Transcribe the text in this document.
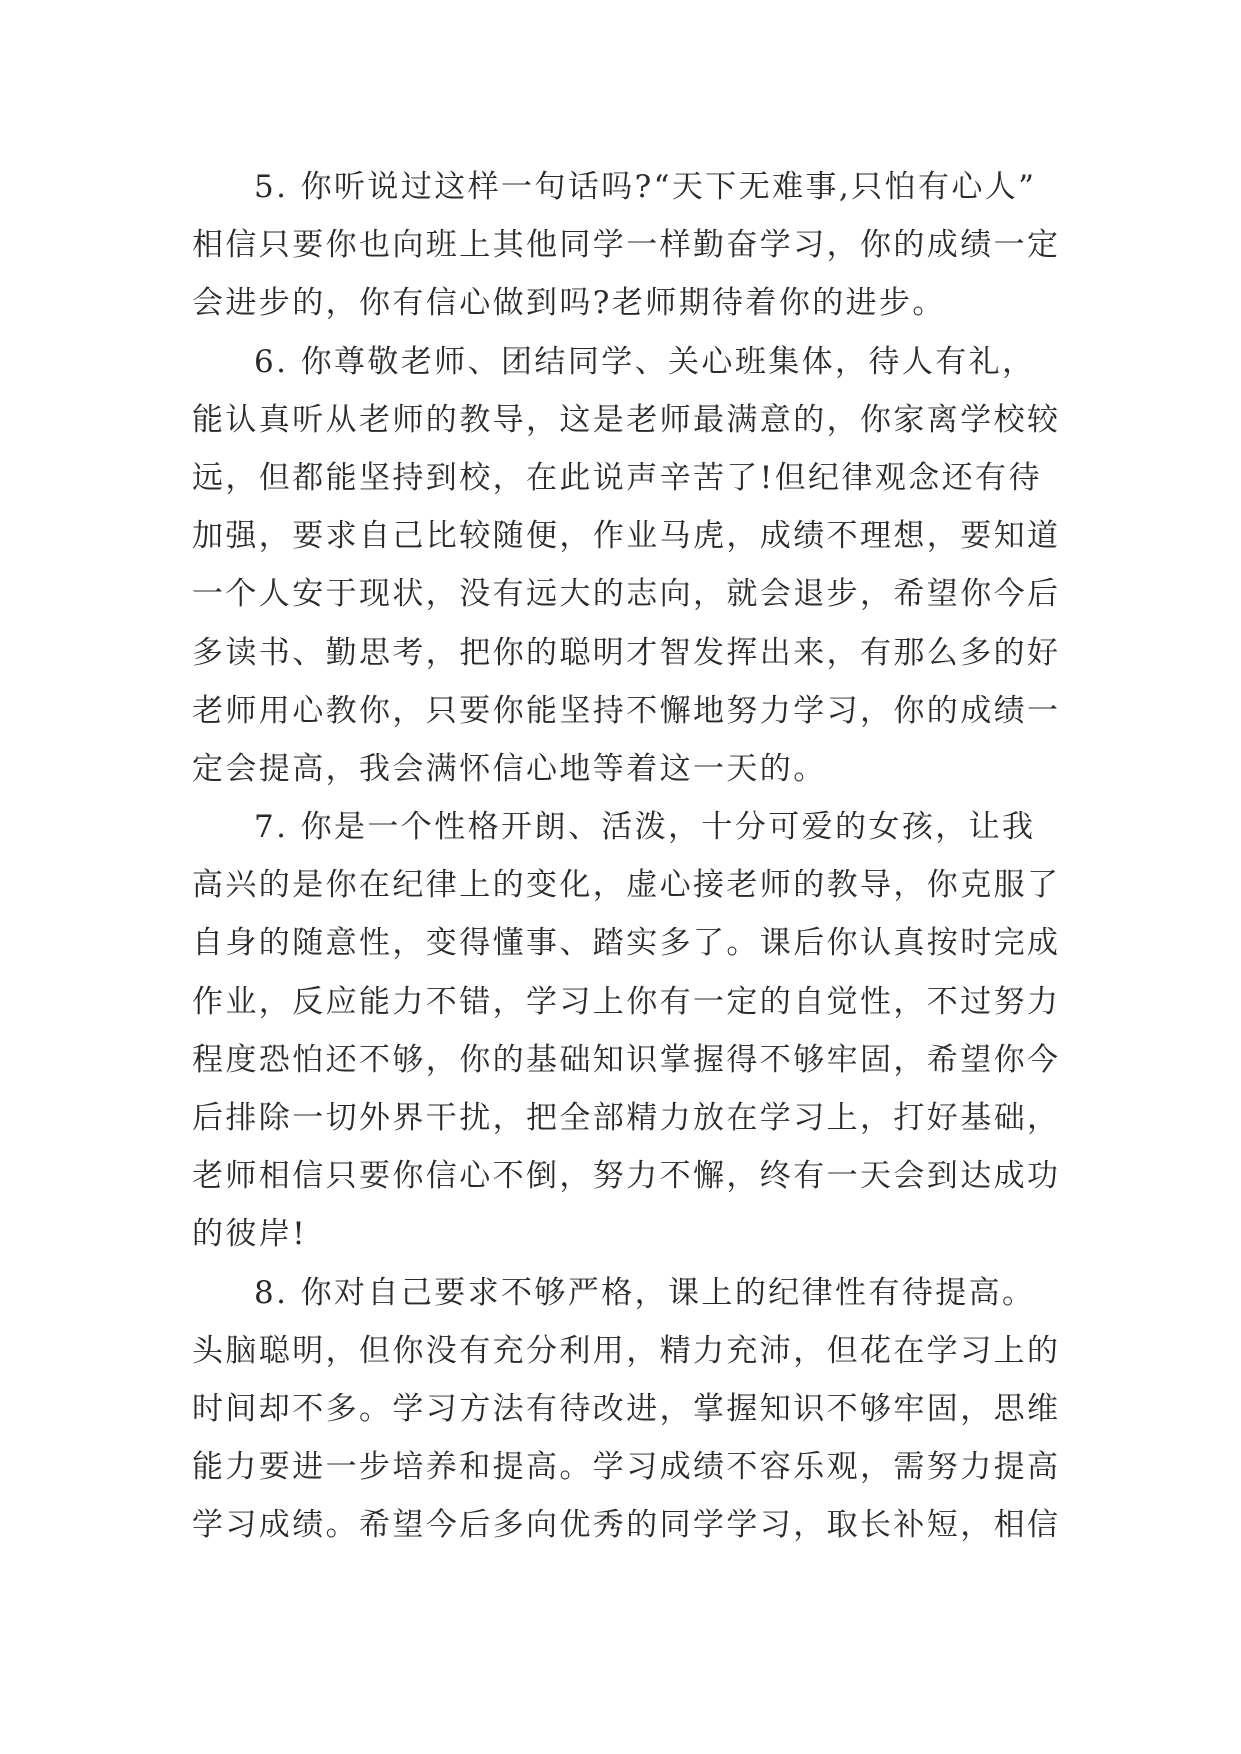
5. 你听说过这样一句话吗?“天下无难事,只怕有心人”
相信只要你也向班上其他同学一样勤奋学习，你的成绩一定
会进步的，你有信心做到吗?老师期待着你的进步。
6. 你尊敬老师、团结同学、关心班集体，待人有礼，
能认真听从老师的教导，这是老师最满意的，你家离学校较
远，但都能坚持到校，在此说声辛苦了!但纪律观念还有待
加强，要求自己比较随便，作业马虎，成绩不理想，要知道
一个人安于现状，没有远大的志向，就会退步，希望你今后
多读书、勤思考，把你的聪明才智发挥出来，有那么多的好
老师用心教你，只要你能坚持不懈地努力学习，你的成绩一
定会提高，我会满怀信心地等着这一天的。
7. 你是一个性格开朗、活泼，十分可爱的女孩，让我
高兴的是你在纪律上的变化，虚心接老师的教导，你克服了
自身的随意性，变得懂事、踏实多了。课后你认真按时完成
作业，反应能力不错，学习上你有一定的自觉性，不过努力
程度恐怕还不够，你的基础知识掌握得不够牢固，希望你今
后排除一切外界干扰，把全部精力放在学习上，打好基础，
老师相信只要你信心不倒，努力不懈，终有一天会到达成功
的彼岸!
8. 你对自己要求不够严格，课上的纪律性有待提高。
头脑聪明，但你没有充分利用，精力充沛，但花在学习上的
时间却不多。学习方法有待改进，掌握知识不够牢固，思维
能力要进一步培养和提高。学习成绩不容乐观，需努力提高
学习成绩。希望今后多向优秀的同学学习，取长补短，相信
